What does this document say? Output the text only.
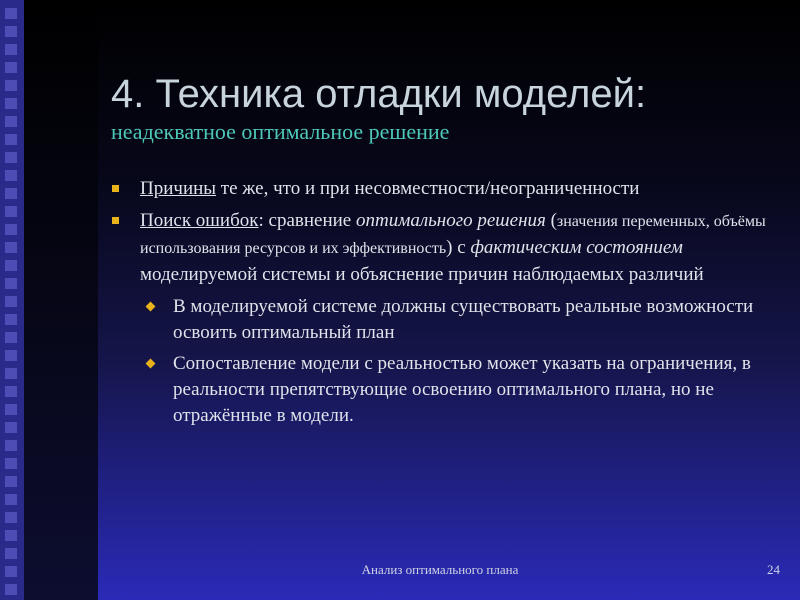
4. Техника отладки моделей:
неадекватное оптимальное решение
Причины те же, что и при несовместности/неограниченности
Поиск ошибок: сравнение оптимального решения (значения переменных, объёмы использования ресурсов и их эффективность) с фактическим состоянием моделируемой системы и объяснение причин наблюдаемых различий
В моделируемой системе должны существовать реальные возможности освоить оптимальный план
Сопоставление модели с реальностью может указать на ограничения, в реальности препятствующие освоению оптимального плана, но не отражённые в модели.
Анализ оптимального плана	24
